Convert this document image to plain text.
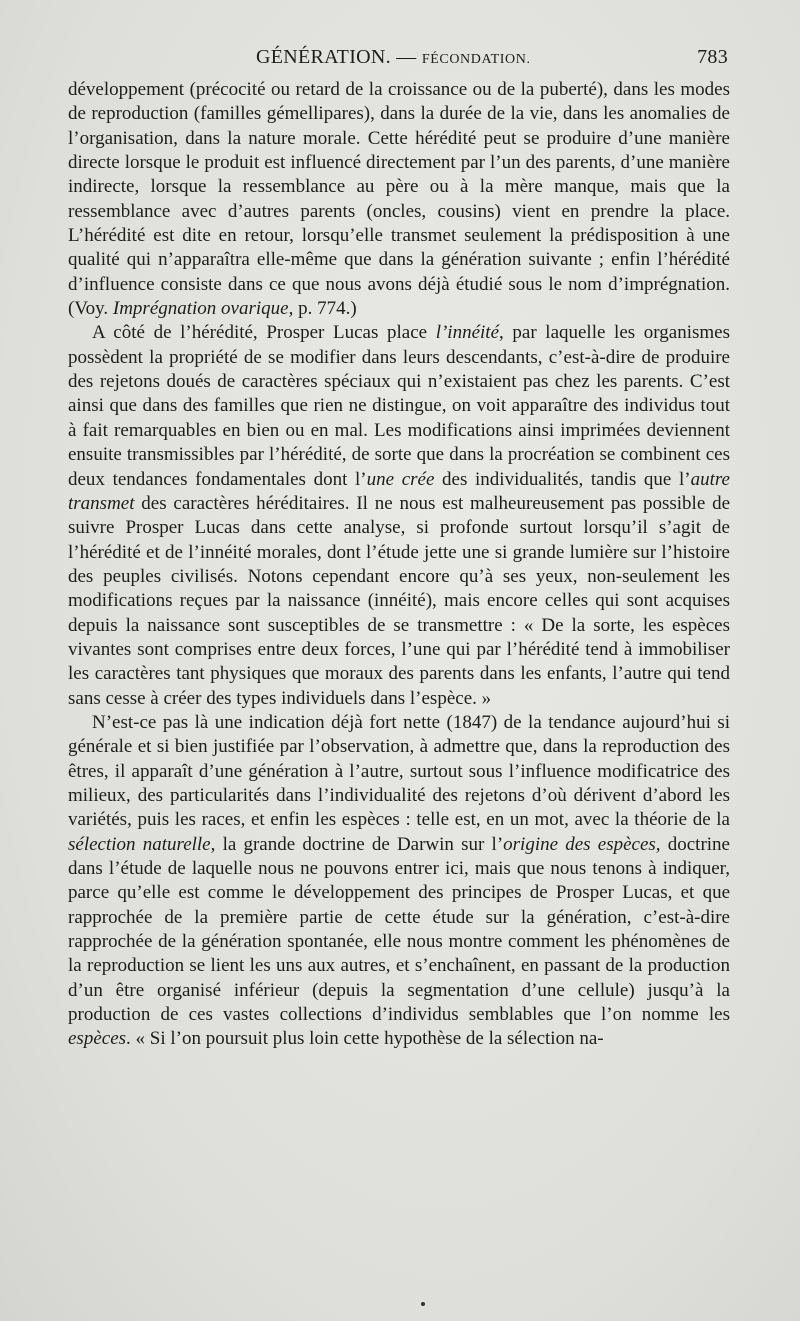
GÉNÉRATION. — FÉCONDATION.	783

développement (précocité ou retard de la croissance ou de la puberté), dans les modes de reproduction (familles gémellipares), dans la durée de la vie, dans les anomalies de l’organisation, dans la nature morale. Cette hérédité peut se produire d’une manière directe lorsque le produit est influencé directement par l’un des parents, d’une manière indirecte, lorsque la ressemblance au père ou à la mère manque, mais que la ressemblance avec d’autres parents (oncles, cousins) vient en prendre la place. L’hérédité est dite en retour, lorsqu’elle transmet seulement la prédisposition à une qualité qui n’apparaîtra elle-même que dans la génération suivante ; enfin l’hérédité d’influence consiste dans ce que nous avons déjà étudié sous le nom d’imprégnation. (Voy. Imprégnation ovarique, p. 774.)

A côté de l’hérédité, Prosper Lucas place l’innéité, par laquelle les organismes possèdent la propriété de se modifier dans leurs descendants, c’est-à-dire de produire des rejetons doués de caractères spéciaux qui n’existaient pas chez les parents. C’est ainsi que dans des familles que rien ne distingue, on voit apparaître des individus tout à fait remarquables en bien ou en mal. Les modifications ainsi imprimées deviennent ensuite transmissibles par l’hérédité, de sorte que dans la procréation se combinent ces deux tendances fondamentales dont l’une crée des individualités, tandis que l’autre transmet des caractères héréditaires. Il ne nous est malheureusement pas possible de suivre Prosper Lucas dans cette analyse, si profonde surtout lorsqu’il s’agit de l’hérédité et de l’innéité morales, dont l’étude jette une si grande lumière sur l’histoire des peuples civilisés. Notons cependant encore qu’à ses yeux, non-seulement les modifications reçues par la naissance (innéité), mais encore celles qui sont acquises depuis la naissance sont susceptibles de se transmettre : « De la sorte, les espèces vivantes sont comprises entre deux forces, l’une qui par l’hérédité tend à immobiliser les caractères tant physiques que moraux des parents dans les enfants, l’autre qui tend sans cesse à créer des types individuels dans l’espèce. »

N’est-ce pas là une indication déjà fort nette (1847) de la tendance aujourd’hui si générale et si bien justifiée par l’observation, à admettre que, dans la reproduction des êtres, il apparaît d’une génération à l’autre, surtout sous l’influence modificatrice des milieux, des particularités dans l’individualité des rejetons d’où dérivent d’abord les variétés, puis les races, et enfin les espèces : telle est, en un mot, avec la théorie de la sélection naturelle, la grande doctrine de Darwin sur l’origine des espèces, doctrine dans l’étude de laquelle nous ne pouvons entrer ici, mais que nous tenons à indiquer, parce qu’elle est comme le développement des principes de Prosper Lucas, et que rapprochée de la première partie de cette étude sur la génération, c’est-à-dire rapprochée de la génération spontanée, elle nous montre comment les phénomènes de la reproduction se lient les uns aux autres, et s’enchaînent, en passant de la production d’un être organisé inférieur (depuis la segmentation d’une cellule) jusqu’à la production de ces vastes collections d’individus semblables que l’on nomme les espèces. « Si l’on poursuit plus loin cette hypothèse de la sélection na-
